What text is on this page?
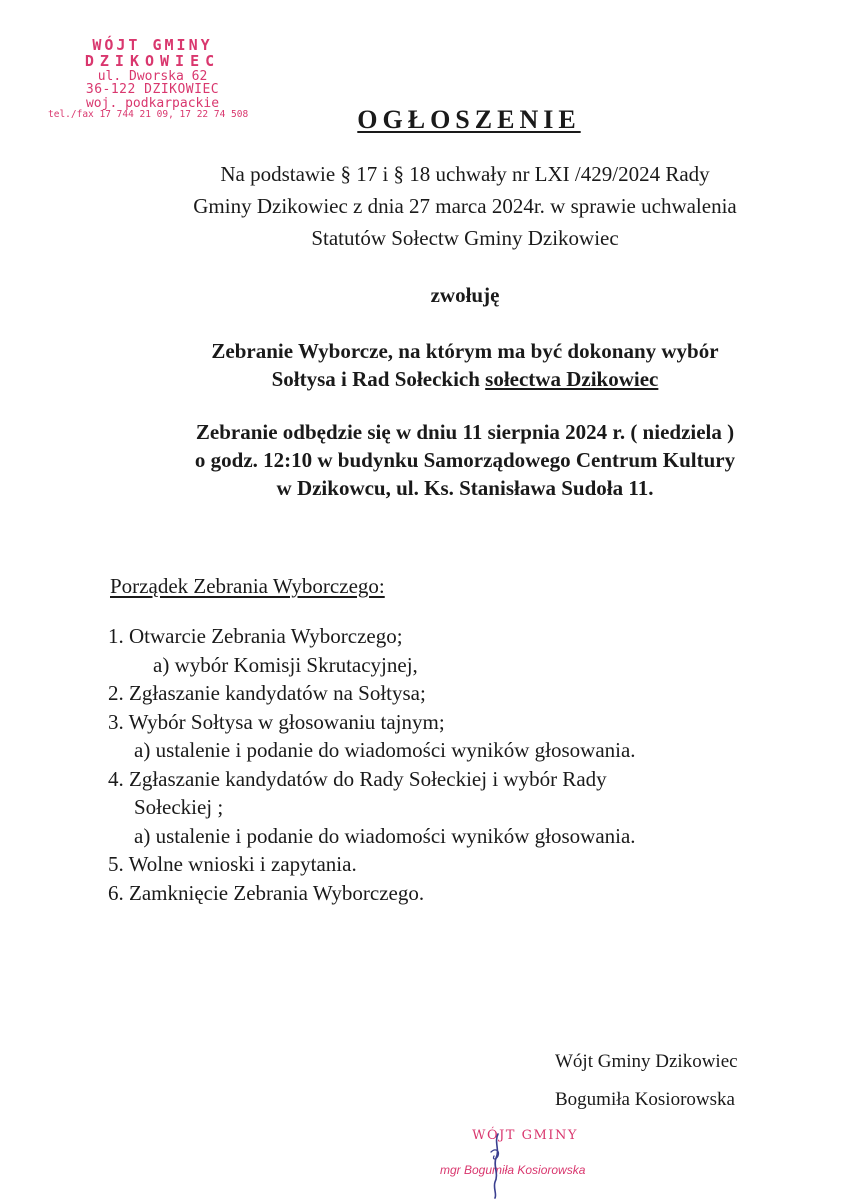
WÓJT GMINY
DZIKOWIEC
ul. Dworska 62
36-122 DZIKOWIEC
woj. podkarpackie
tel./fax 17 744 21 09, 17 22 74 508	OGŁOSZENIE
Na podstawie § 17 i § 18 uchwały nr LXI /429/2024 Rady
Gminy Dzikowiec z dnia 27 marca 2024r. w sprawie uchwalenia
Statutów Sołectw Gminy Dzikowiec
zwołuję
Zebranie Wyborcze, na którym ma być dokonany wybór
Sołtysa i Rad Sołeckich sołectwa Dzikowiec
Zebranie odbędzie się w dniu 11 sierpnia 2024 r. ( niedziela )
o godz. 12:10 w budynku Samorządowego Centrum Kultury
w Dzikowcu, ul. Ks. Stanisława Sudoła 11.
Porządek Zebrania Wyborczego:
1. Otwarcie Zebrania Wyborczego;
a) wybór Komisji Skrutacyjnej,
2. Zgłaszanie kandydatów na Sołtysa;
3. Wybór Sołtysa w głosowaniu tajnym;
a) ustalenie i podanie do wiadomości wyników głosowania.
4. Zgłaszanie kandydatów do Rady Sołeckiej i wybór Rady
Sołeckiej ;
a) ustalenie i podanie do wiadomości wyników głosowania.
5. Wolne wnioski i zapytania.
6. Zamknięcie Zebrania Wyborczego.
Wójt Gminy Dzikowiec
Bogumiła Kosiorowska
WÓJT GMINY
mgr Bogumiła Kosiorowska
